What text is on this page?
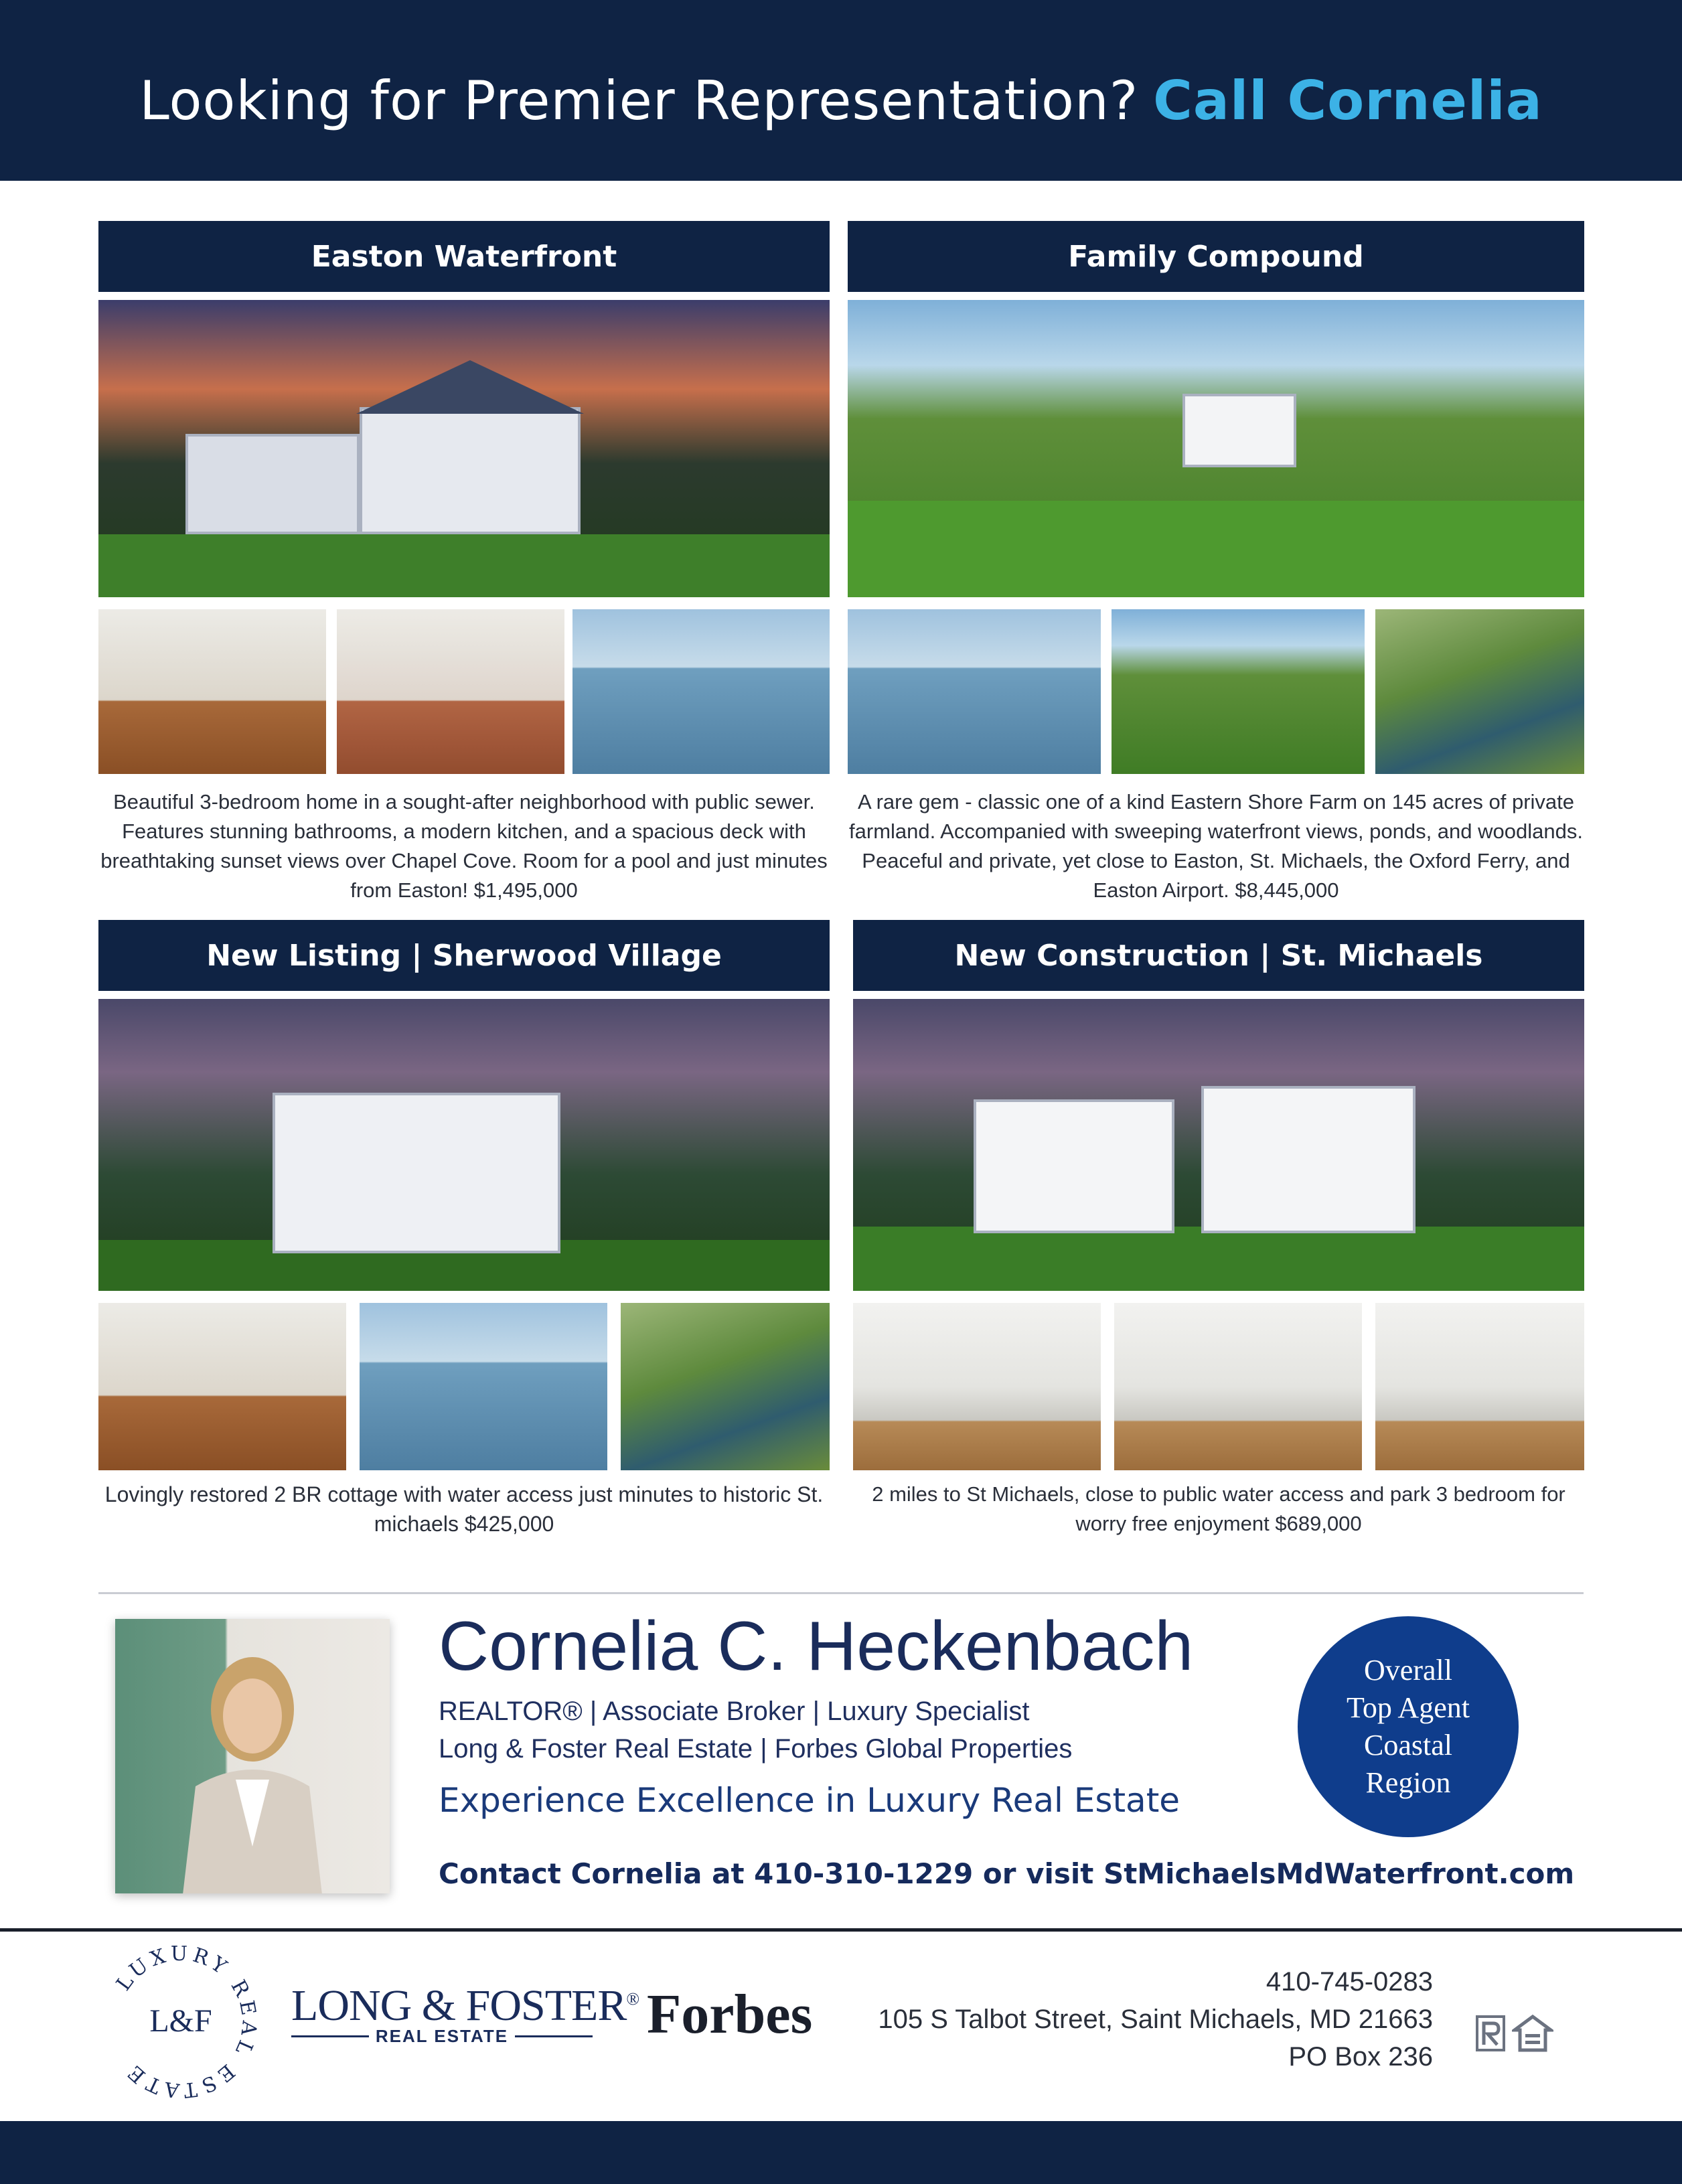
Looking for Premier Representation? Call Cornelia
Easton Waterfront
Beautiful 3-bedroom home in a sought-after neighborhood with public sewer. Features stunning bathrooms, a modern kitchen, and a spacious deck with breathtaking sunset views over Chapel Cove. Room for a pool and just minutes from Easton! $1,495,000
Family Compound
A rare gem - classic one of a kind Eastern Shore Farm on 145 acres of private farmland. Accompanied with sweeping waterfront views, ponds, and woodlands. Peaceful and private, yet close to Easton, St. Michaels, the Oxford Ferry, and Easton Airport. $8,445,000
New Listing | Sherwood Village
Lovingly restored 2 BR cottage with water access just minutes to historic St. michaels $425,000
New Construction | St. Michaels
2 miles to St Michaels, close to public water access and park 3 bedroom for worry free enjoyment $689,000
Cornelia C. Heckenbach
REALTOR® | Associate Broker | Luxury Specialist
Long & Foster Real Estate | Forbes Global Properties
Experience Excellence in Luxury Real Estate
Contact Cornelia at 410-310-1229 or visit StMichaelsMdWaterfront.com
Overall
Top Agent
Coastal
Region
LUXURY REAL ESTATE
L&F LONG & FOSTER®
REAL ESTATE Forbes
410-745-0283
105 S Talbot Street, Saint Michaels, MD 21663
PO Box 236
